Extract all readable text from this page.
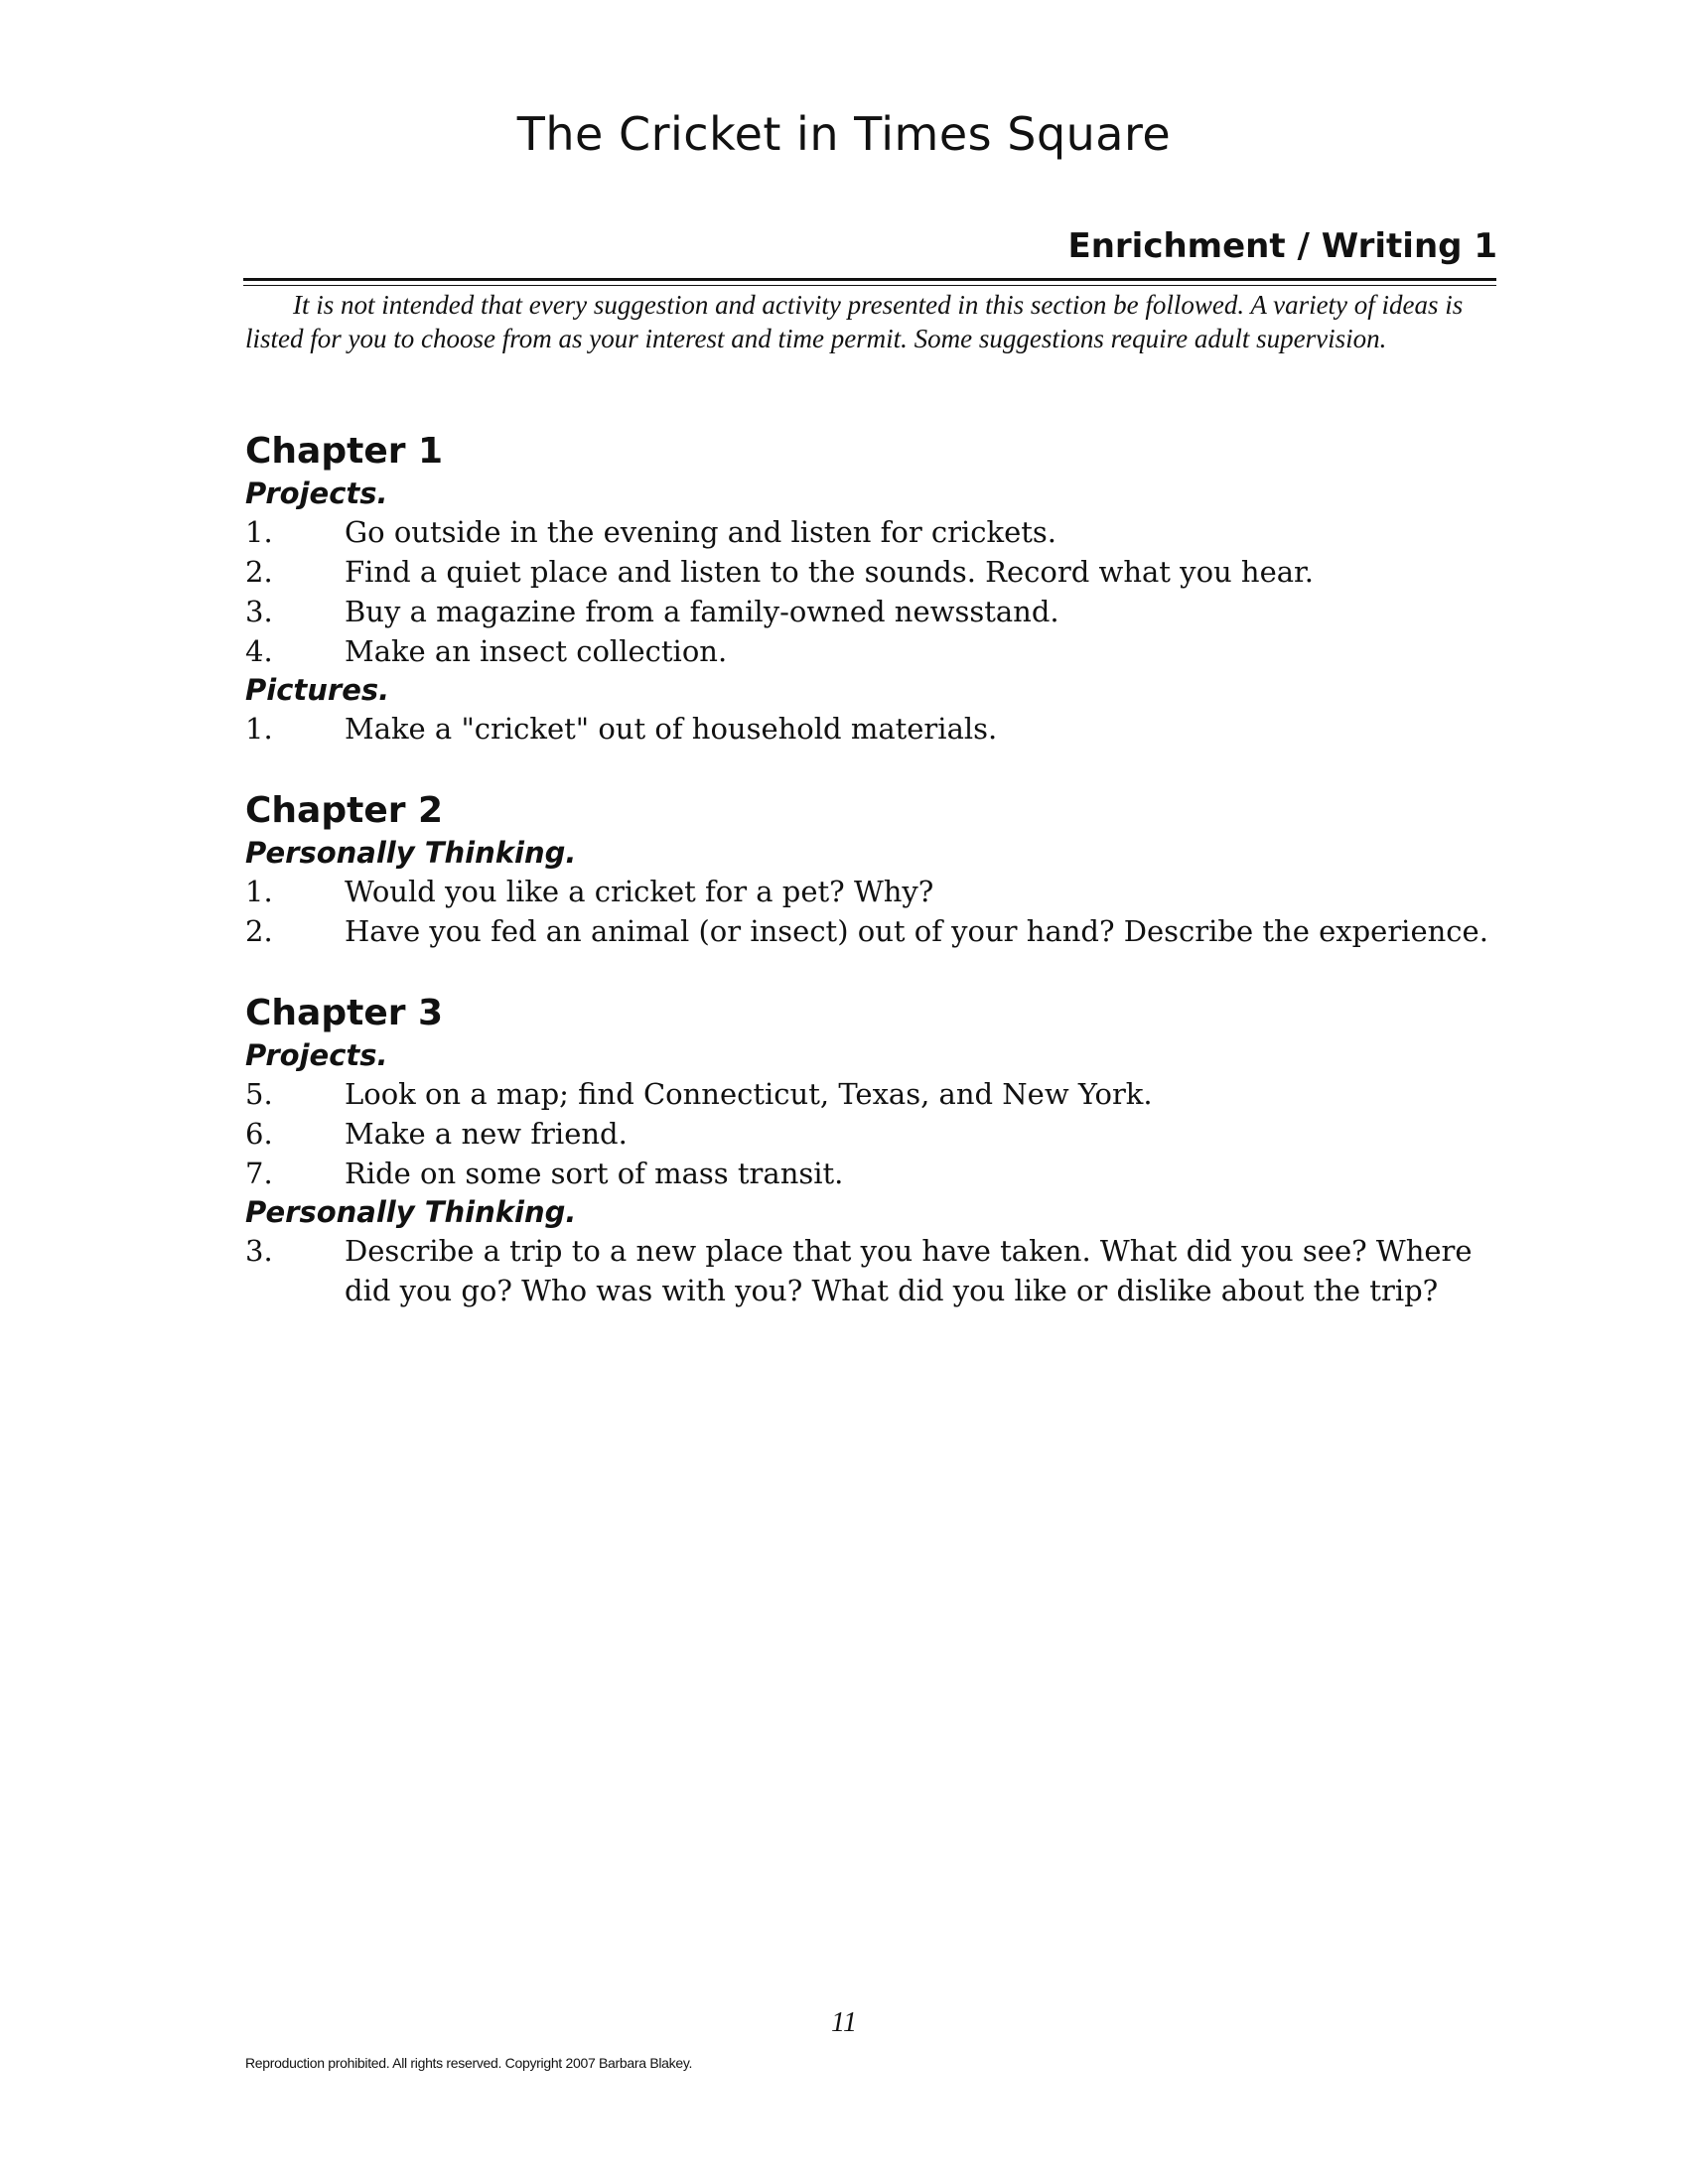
The Cricket in Times Square
Enrichment / Writing 1

It is not intended that every suggestion and activity presented in this section be followed. A variety of ideas is listed for you to choose from as your interest and time permit. Some suggestions require adult supervision.

Chapter 1
Projects.
1.	Go outside in the evening and listen for crickets.
2.	Find a quiet place and listen to the sounds. Record what you hear.
3.	Buy a magazine from a family-owned newsstand.
4.	Make an insect collection.
Pictures.
1.	Make a "cricket" out of household materials.
Chapter 2
Personally Thinking.
1.	Would you like a cricket for a pet? Why?
2.	Have you fed an animal (or insect) out of your hand? Describe the experience.
Chapter 3
Projects.
5.	Look on a map; find Connecticut, Texas, and New York.
6.	Make a new friend.
7.	Ride on some sort of mass transit.
Personally Thinking.
3.	Describe a trip to a new place that you have taken. What did you see? Where did you go? Who was with you? What did you like or dislike about the trip?
11
Reproduction prohibited. All rights reserved. Copyright 2007 Barbara Blakey.
